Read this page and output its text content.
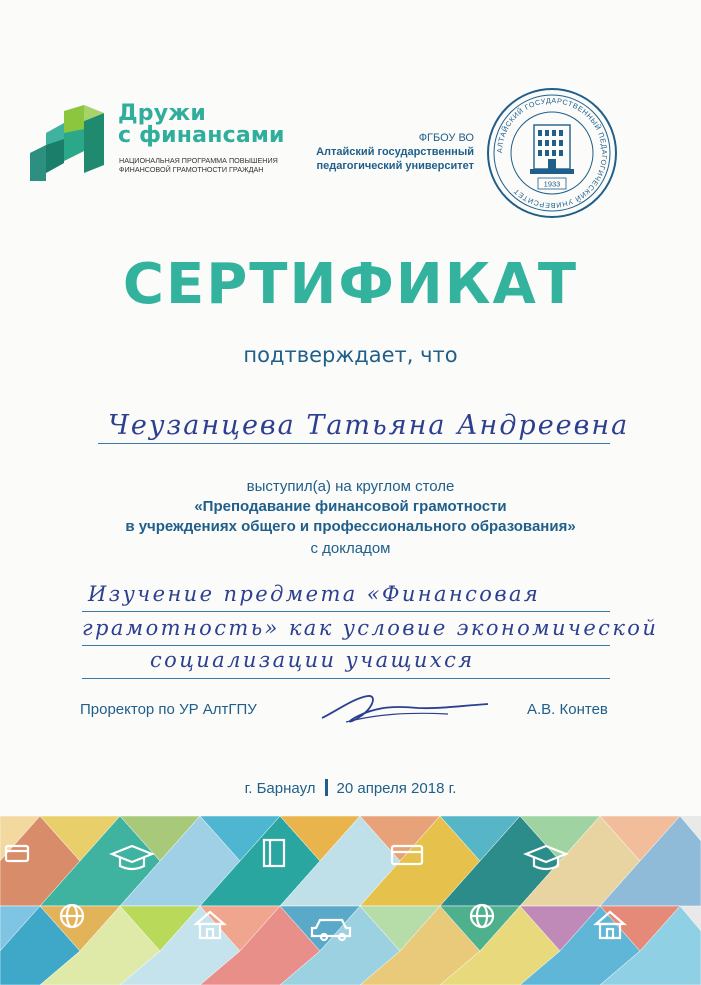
Дружи
с финансами
НАЦИОНАЛЬНАЯ ПРОГРАММА ПОВЫШЕНИЯ
ФИНАНСОВОЙ ГРАМОТНОСТИ ГРАЖДАН
ФГБОУ ВО
Алтайский государственный
педагогический университет
АЛТАЙСКИЙ ГОСУДАРСТВЕННЫЙ ПЕДАГОГИЧЕСКИЙ УНИВЕРСИТЕТ
1933
СЕРТИФИКАТ
подтверждает, что
Чеузанцева Татьяна Андреевна
выступил(а) на круглом столе
«Преподавание финансовой грамотности
в учреждениях общего и профессионального образования»
с докладом
Изучение предмета «Финансовая
грамотность» как условие экономической
социализации учащихся
Проректор по УР АлтГПУ	А.В. Контев
г. Барнаул 20 апреля 2018 г.
